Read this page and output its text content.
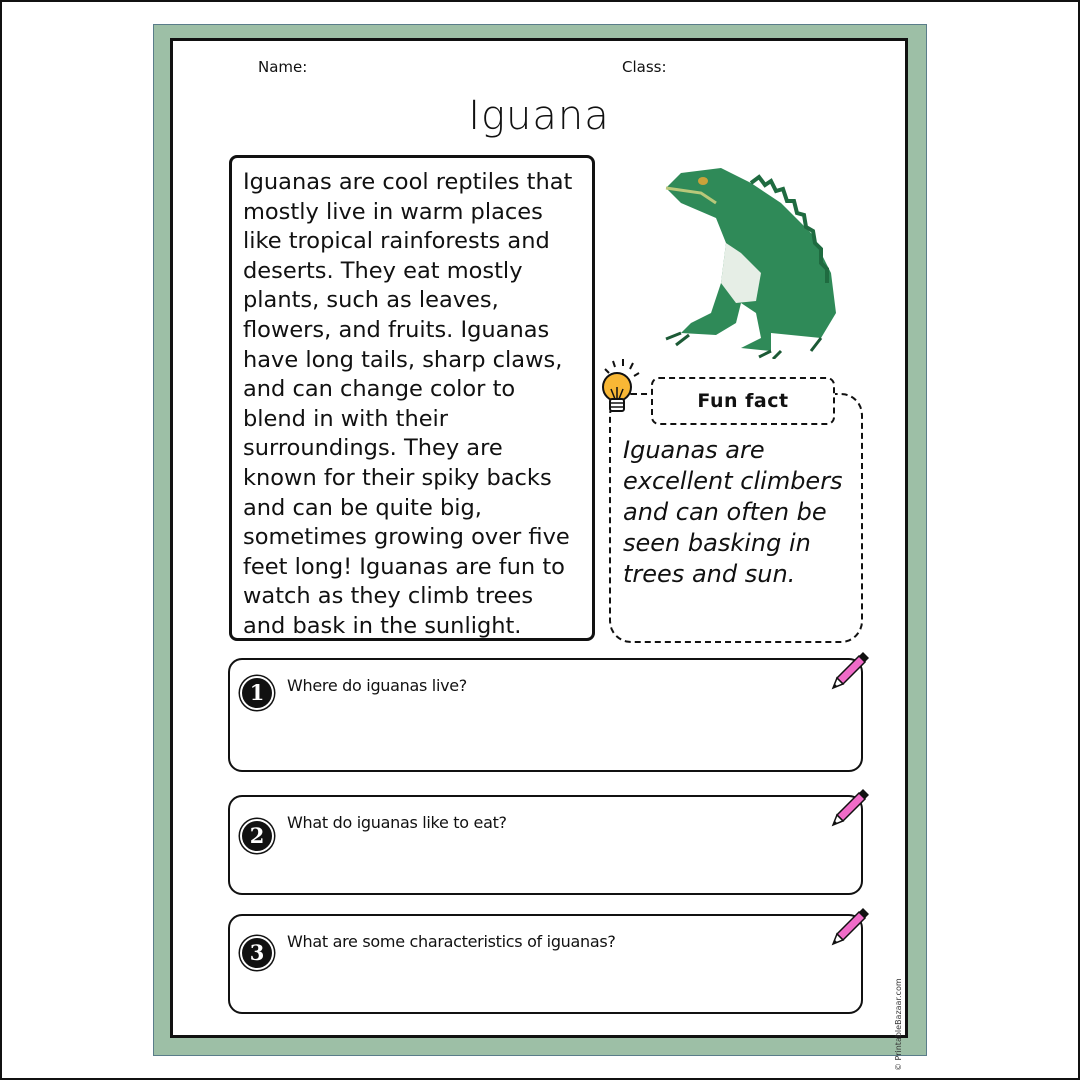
Name:	Class:
Iguana
Iguanas are cool reptiles that mostly live in warm places like tropical rainforests and deserts. They eat mostly plants, such as leaves, flowers, and fruits. Iguanas have long tails, sharp claws, and can change color to blend in with their surroundings. They are known for their spiky backs and can be quite big, sometimes growing over five feet long! Iguanas are fun to watch as they climb trees and bask in the sunlight.
Fun fact
Iguanas are excellent climbers and can often be seen basking in trees and sun.
1	Where do iguanas live?
2
What do iguanas like to eat?
3	What are some characteristics of iguanas?
© PrintableBazaar.com
